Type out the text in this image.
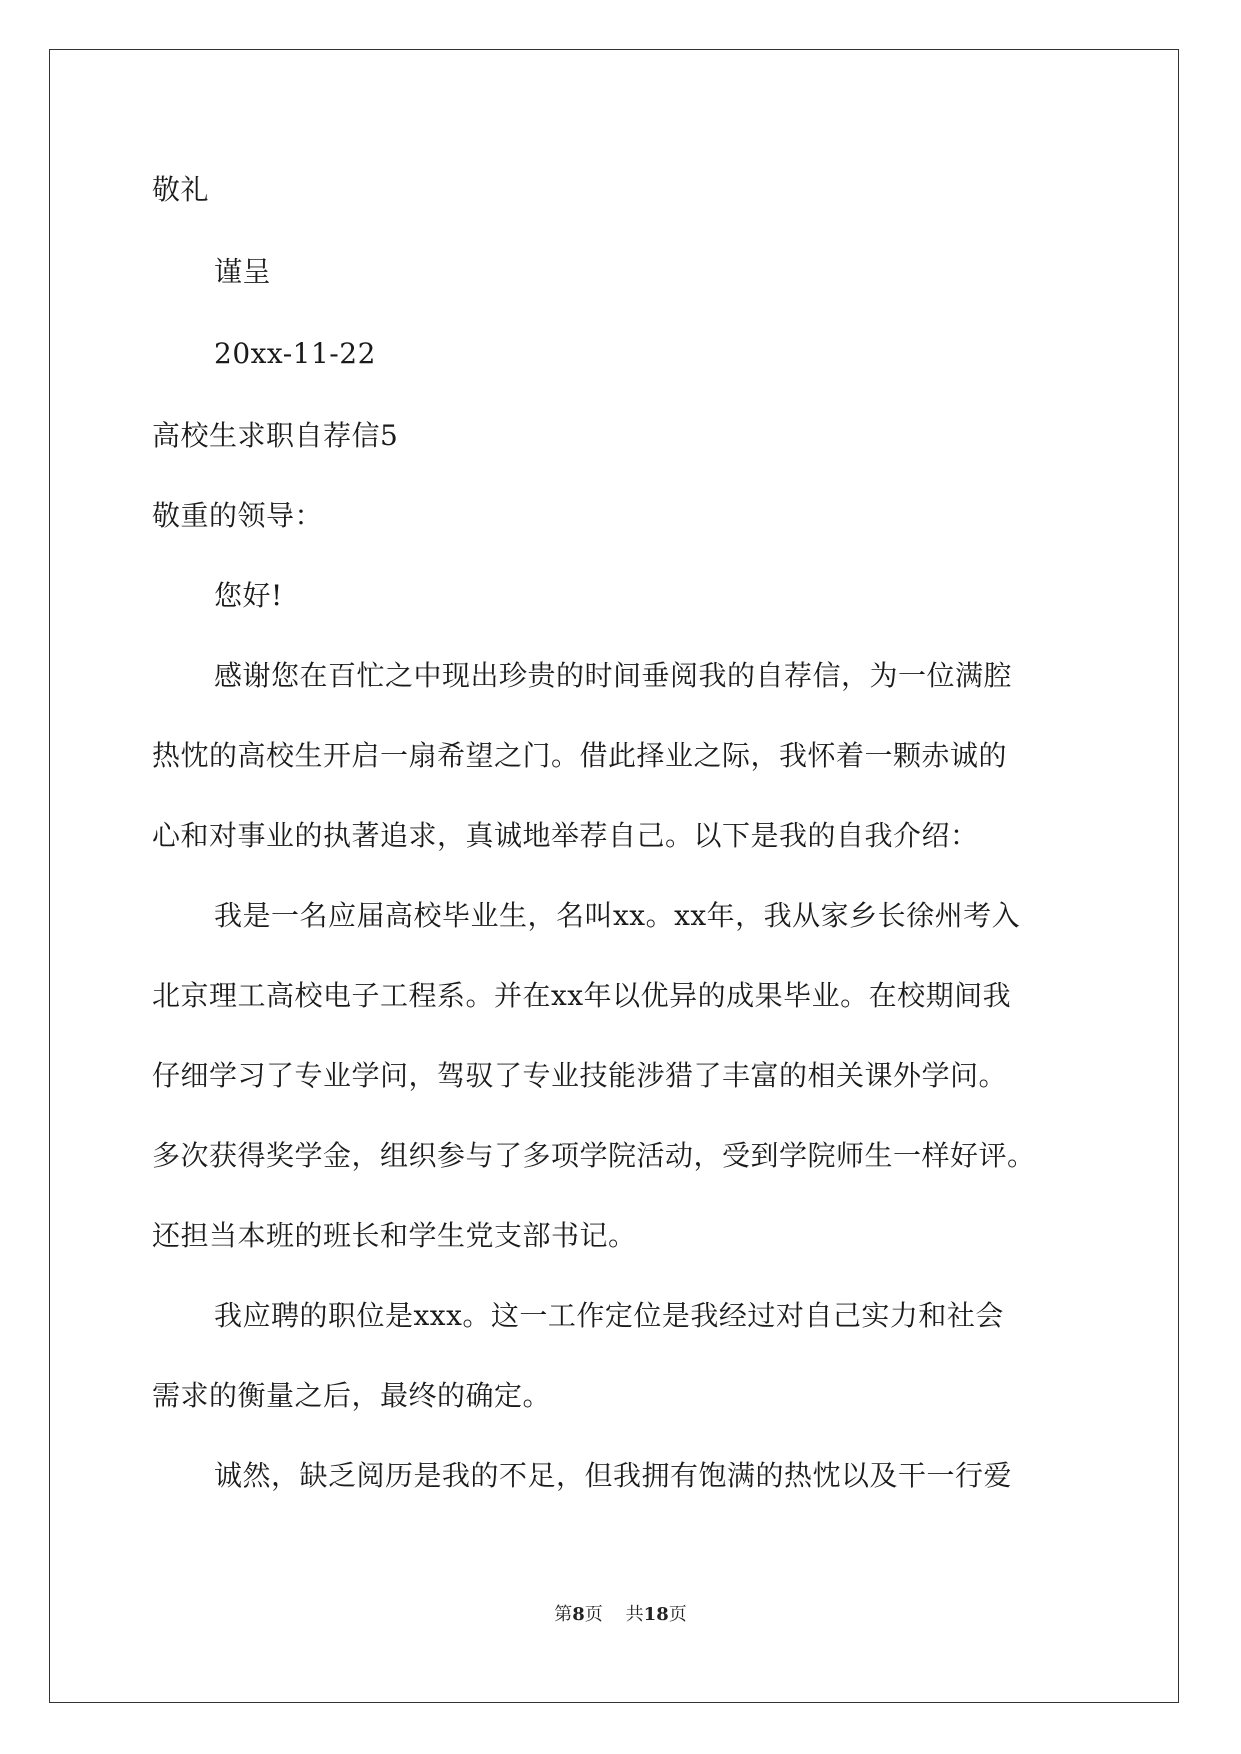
敬礼
谨呈
20xx-11-22
高校生求职自荐信5
敬重的领导：
您好!
感谢您在百忙之中现出珍贵的时间垂阅我的自荐信，为一位满腔
热忱的高校生开启一扇希望之门。借此择业之际，我怀着一颗赤诚的
心和对事业的执著追求，真诚地举荐自己。以下是我的自我介绍：
我是一名应届高校毕业生，名叫xx。xx年，我从家乡长徐州考入
北京理工高校电子工程系。并在xx年以优异的成果毕业。在校期间我
仔细学习了专业学问，驾驭了专业技能涉猎了丰富的相关课外学问。
多次获得奖学金，组织参与了多项学院活动，受到学院师生一样好评。
还担当本班的班长和学生党支部书记。
我应聘的职位是xxx。这一工作定位是我经过对自己实力和社会
需求的衡量之后，最终的确定。
诚然，缺乏阅历是我的不足，但我拥有饱满的热忱以及干一行爱
第8页 共18页
